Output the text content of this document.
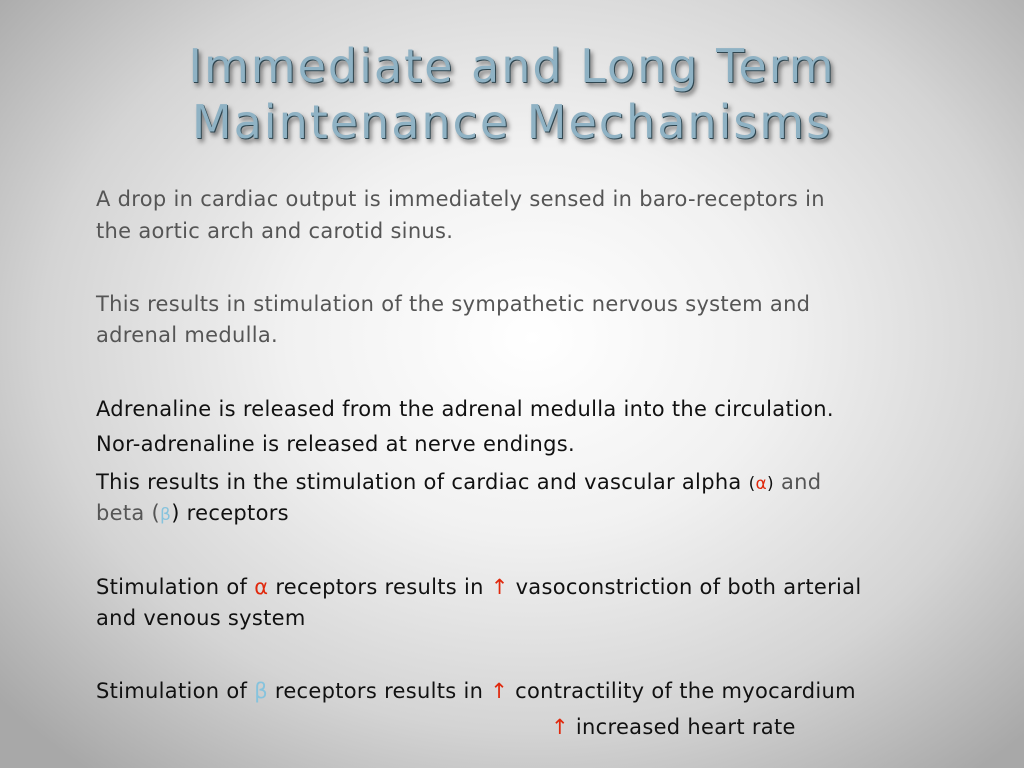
Immediate and Long Term
Maintenance Mechanisms
A drop in cardiac output is immediately sensed in baro-receptors in
the aortic arch and carotid sinus.
This results in stimulation of the sympathetic nervous system and
adrenal medulla.
Adrenaline is released from the adrenal medulla into the circulation.
Nor-adrenaline is released at nerve endings.
This results in the stimulation of cardiac and vascular alpha (α) and
beta (β) receptors
Stimulation of α receptors results in ↑ vasoconstriction of both arterial
and venous system
Stimulation of β receptors results in ↑ contractility of the myocardium
↑ increased heart rate
